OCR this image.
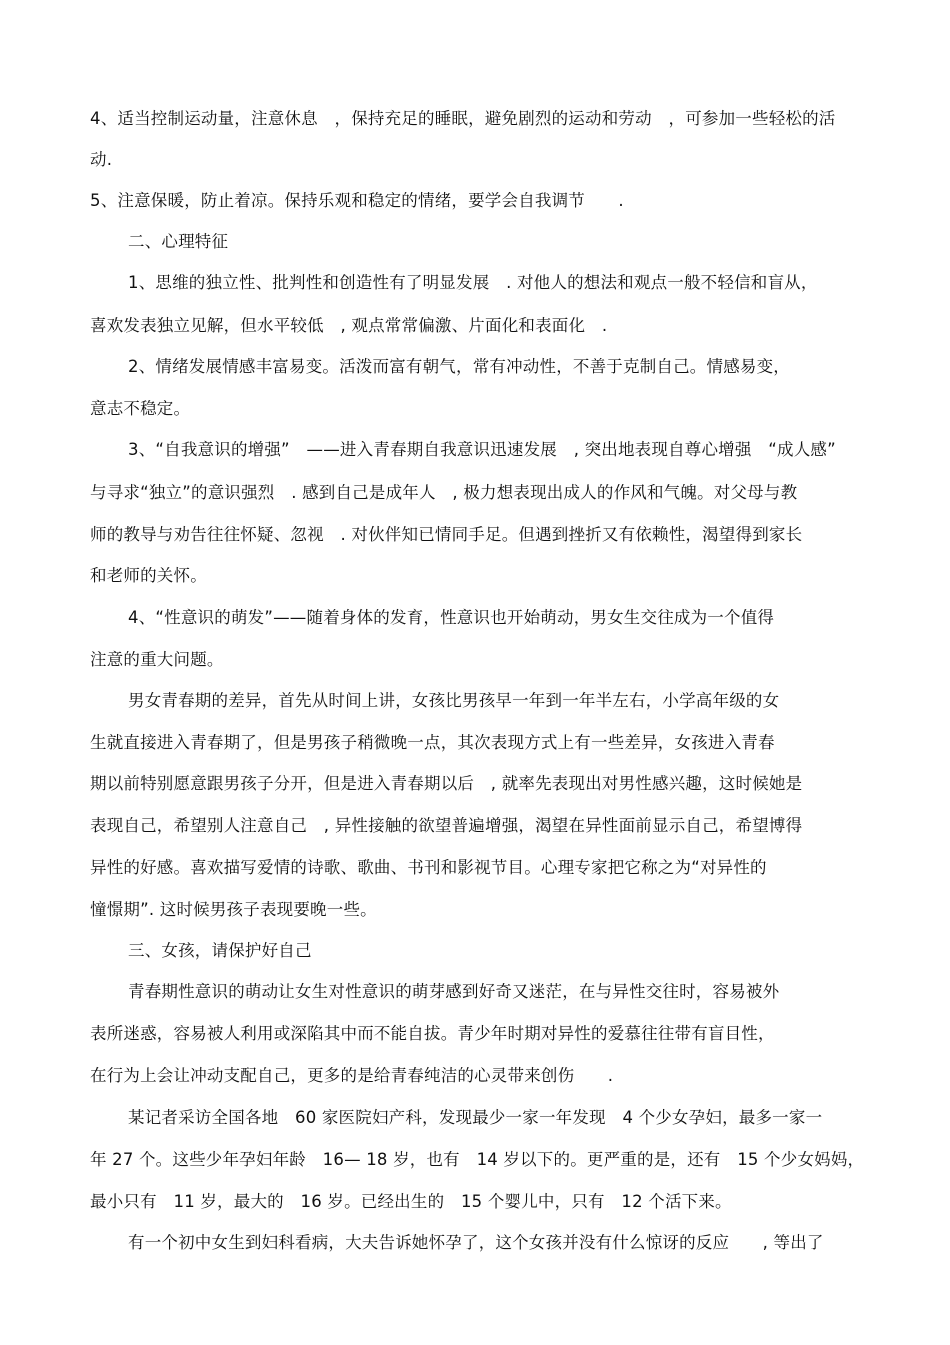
4、适当控制运动量，注意休息　，保持充足的睡眠，避免剧烈的运动和劳动　，可参加一些轻松的活
动.
5、注意保暖，防止着凉。保持乐观和稳定的情绪，要学会自我调节　　.
二、心理特征
1、思维的独立性、批判性和创造性有了明显发展　. 对他人的想法和观点一般不轻信和盲从，
喜欢发表独立见解，但水平较低　, 观点常常偏激、片面化和表面化　.
2、情绪发展情感丰富易变。活泼而富有朝气，常有冲动性，不善于克制自己。情感易变，
意志不稳定。
3、“自我意识的增强”　——进入青春期自我意识迅速发展　, 突出地表现自尊心增强　“成人感”
与寻求“独立”的意识强烈　. 感到自己是成年人　, 极力想表现出成人的作风和气魄。对父母与教
师的教导与劝告往往怀疑、忽视　. 对伙伴知已情同手足。但遇到挫折又有依赖性，渴望得到家长
和老师的关怀。
4、“性意识的萌发”——随着身体的发育，性意识也开始萌动，男女生交往成为一个值得
注意的重大问题。
男女青春期的差异，首先从时间上讲，女孩比男孩早一年到一年半左右，小学高年级的女
生就直接进入青春期了，但是男孩子稍微晚一点，其次表现方式上有一些差异，女孩进入青春
期以前特别愿意跟男孩子分开，但是进入青春期以后　, 就率先表现出对男性感兴趣，这时候她是
表现自己，希望别人注意自己　, 异性接触的欲望普遍增强，渴望在异性面前显示自己，希望博得
异性的好感。喜欢描写爱情的诗歌、歌曲、书刊和影视节目。心理专家把它称之为“对异性的
憧憬期”. 这时候男孩子表现要晚一些。
三、女孩，请保护好自己
青春期性意识的萌动让女生对性意识的萌芽感到好奇又迷茫，在与异性交往时，容易被外
表所迷惑，容易被人利用或深陷其中而不能自拔。青少年时期对异性的爱慕往往带有盲目性，
在行为上会让冲动支配自己，更多的是给青春纯洁的心灵带来创伤　　.
某记者采访全国各地　60 家医院妇产科，发现最少一家一年发现　4 个少女孕妇，最多一家一
年 27 个。这些少年孕妇年龄　16— 18 岁，也有　14 岁以下的。更严重的是，还有　15 个少女妈妈，
最小只有　11 岁，最大的　16 岁。已经出生的　15 个婴儿中，只有　12 个活下来。
有一个初中女生到妇科看病，大夫告诉她怀孕了，这个女孩并没有什么惊讶的反应　　, 等出了
